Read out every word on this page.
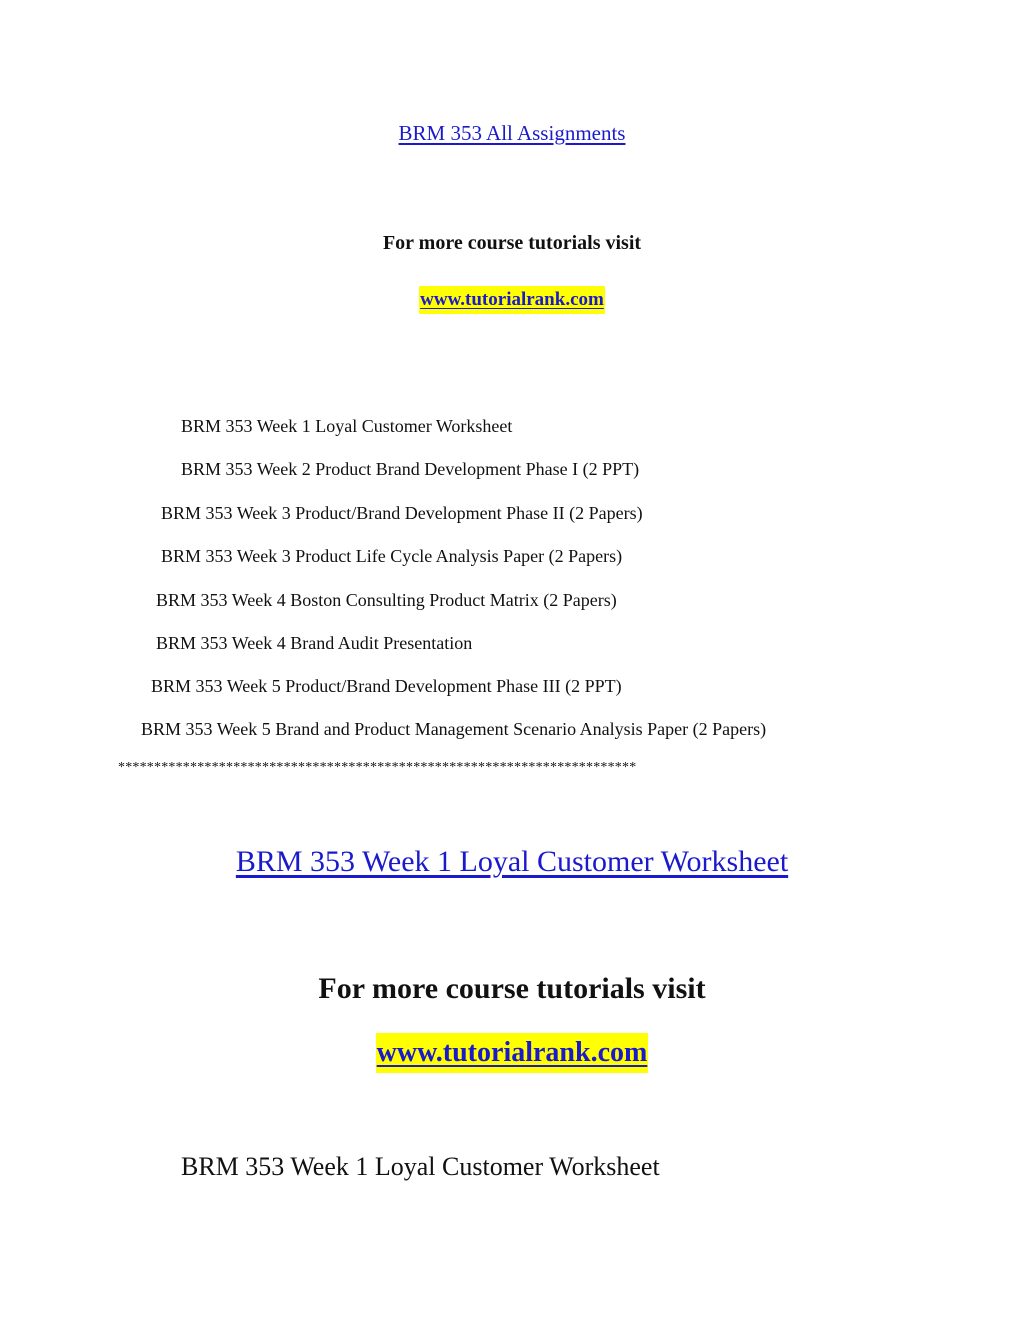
BRM 353 All Assignments
For more course tutorials visit
www.tutorialrank.com
BRM 353 Week 1 Loyal Customer Worksheet
BRM 353 Week 2 Product Brand Development Phase I (2 PPT)
BRM 353 Week 3 Product/Brand Development Phase II (2 Papers)
BRM 353 Week 3 Product Life Cycle Analysis Paper (2 Papers)
BRM 353 Week 4 Boston Consulting Product Matrix (2 Papers)
BRM 353 Week 4 Brand Audit Presentation
BRM 353 Week 5 Product/Brand Development Phase III (2 PPT)
BRM 353 Week 5 Brand and Product Management Scenario Analysis Paper (2 Papers)
************************************************************************
BRM 353 Week 1 Loyal Customer Worksheet
For more course tutorials visit
www.tutorialrank.com
BRM 353 Week 1 Loyal Customer Worksheet
